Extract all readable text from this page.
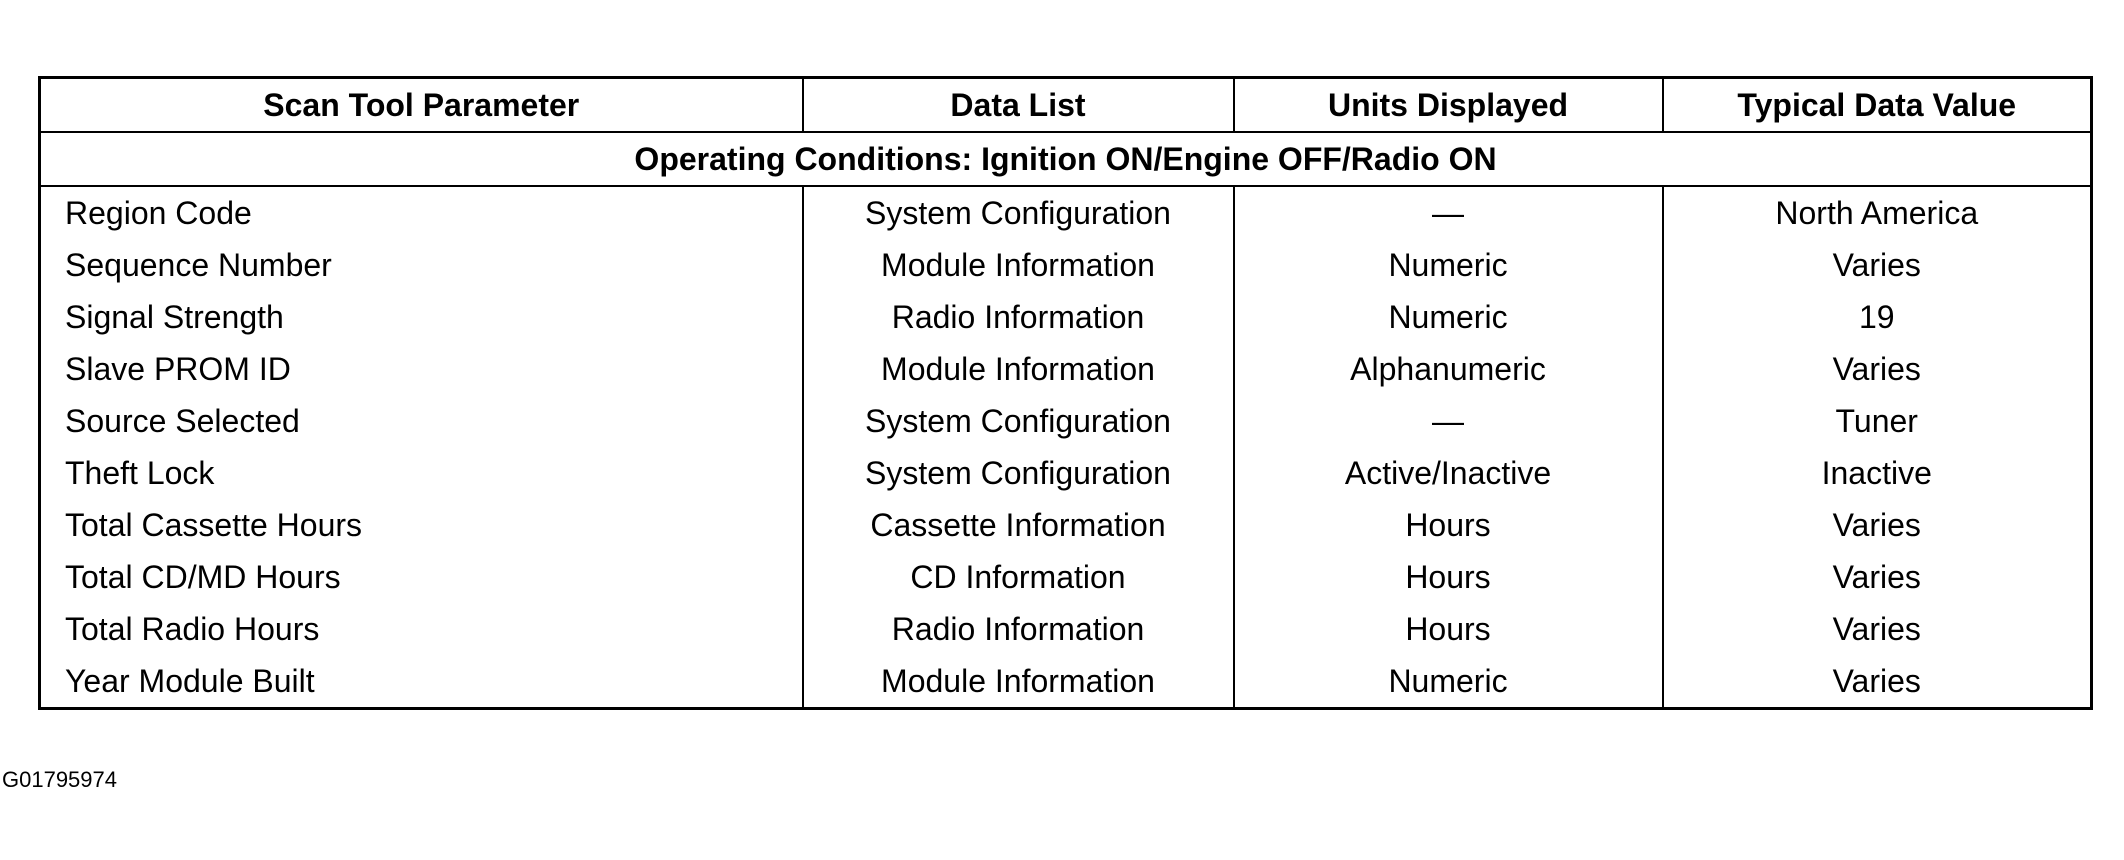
Scan Tool Parameter	Data List	Units Displayed	Typical Data Value
Operating Conditions: Ignition ON/Engine OFF/Radio ON			
Region Code	System Configuration	—	North America
Sequence Number	Module Information	Numeric	Varies
Signal Strength	Radio Information	Numeric	19
Slave PROM ID	Module Information	Alphanumeric	Varies
Source Selected	System Configuration	—	Tuner
Theft Lock	System Configuration	Active/Inactive	Inactive
Total Cassette Hours	Cassette Information	Hours	Varies
Total CD/MD Hours	CD Information	Hours	Varies
Total Radio Hours	Radio Information	Hours	Varies
Year Module Built	Module Information	Numeric	Varies
G01795974
